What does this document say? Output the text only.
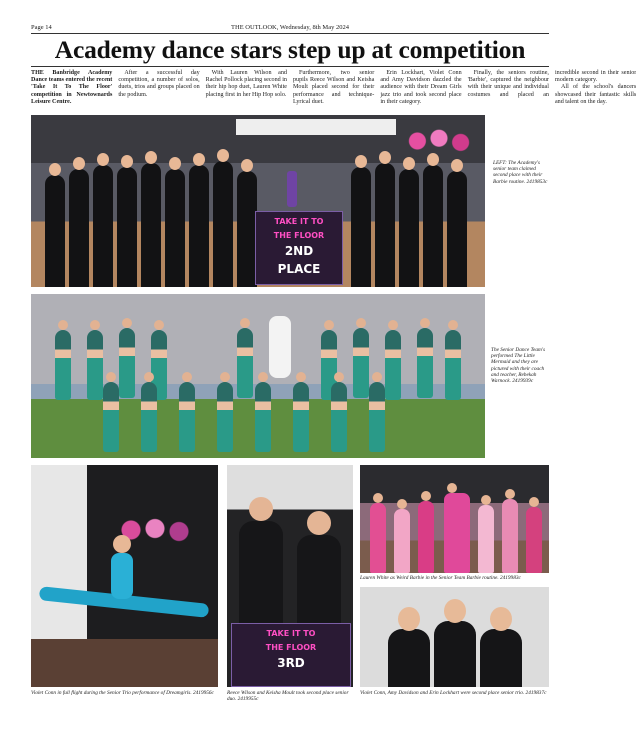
Page 14	THE OUTLOOK, Wednesday, 8th May 2024
Academy dance stars step up at competition

THE Banbridge Academy Dance teams entered the recent 'Take It To The Floor' competition in Newtownards Leisure Centre.

After a successful day competition, a number of solos, duets, trios and groups placed on the podium.

With Lauren Wilson and Rachel Pollock placing second in their hip hop duet, Lauren White placing first in her Hip Hop solo.

Furthermore, two senior pupils Reece Wilson and Keisha Moult placed second for their performance and technique-Lyrical duet.

Erin Lockhart, Violet Conn and Amy Davidson dazzled the audience with their Dream Girls jazz trio and took second place in their category.

Finally, the seniors routine, 'Barbie', captured the neighbour with their unique and individual costumes and placed an incredible second in their senior modern category.

All of the school's dancers showcased their fantastic skills and talent on the day.

TAKE IT TO
THE FLOOR
2ND
PLACE
LEFT: The Academy's senior team claimed second place with their Barbie routine. 2419853c
The Senior Dance Team's performed The Little Mermaid and they are pictured with their coach and teacher, Rebekah Warnock. 2419939c
Violet Conn in full flight during the Senior Trio performance of Dreamgirls. 2419956c
TAKE IT TO
THE FLOOR
3RD
Reece Wilson and Keisha Moult took second place senior duo. 2419955c
Lauren White as Weird Barbie in the Senior Team Barbie routine. 2419983c
Violet Conn, Amy Davidson and Erin Lockhart were second place senior trio. 2419837c
